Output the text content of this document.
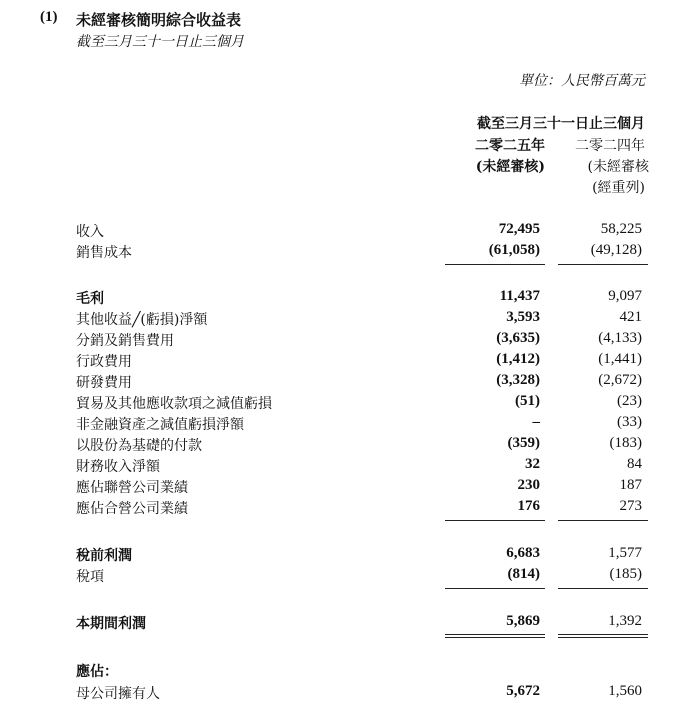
(1) 未經審核簡明綜合收益表
截至三月三十一日止三個月
單位：人民幣百萬元
截至三月三十一日止三個月
二零二五年
(未經審核)
二零二四年
(未經審核
(經重列)
收入	72,495	58,225
銷售成本	(61,058)	(49,128)
毛利	11,437	9,097
其他收益╱(虧損)淨額	3,593	421
分銷及銷售費用	(3,635)	(4,133)
行政費用	(1,412)	(1,441)
研發費用	(3,328)	(2,672)
貿易及其他應收款項之減值虧損	(51)	(23)
非金融資產之減值虧損淨額	–	(33)
以股份為基礎的付款	(359)	(183)
財務收入淨額	32	84
應佔聯營公司業績	230	187
應佔合營公司業績	176	273
稅前利潤	6,683	1,577
稅項	(814)	(185)
本期間利潤	5,869	1,392
應佔：
母公司擁有人	5,672	1,560
